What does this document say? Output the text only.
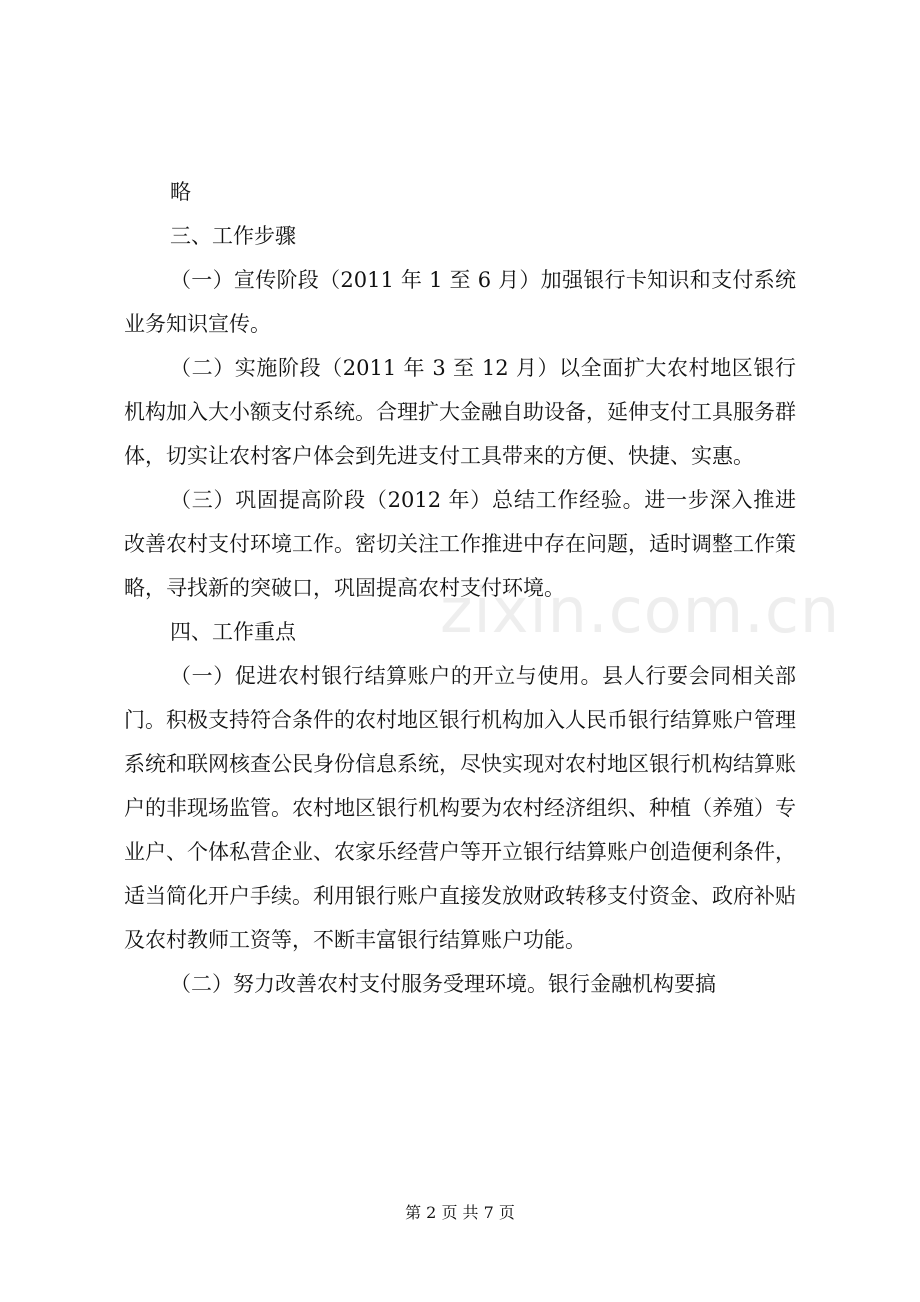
略

三、工作步骤

（一）宣传阶段（2011 年 1 至 6 月）加强银行卡知识和支付系统业务知识宣传。

（二）实施阶段（2011 年 3 至 12 月）以全面扩大农村地区银行机构加入大小额支付系统。合理扩大金融自助设备，延伸支付工具服务群体，切实让农村客户体会到先进支付工具带来的方便、快捷、实惠。

（三）巩固提高阶段（2012 年）总结工作经验。进一步深入推进改善农村支付环境工作。密切关注工作推进中存在问题，适时调整工作策略，寻找新的突破口，巩固提高农村支付环境。

四、工作重点

（一）促进农村银行结算账户的开立与使用。县人行要会同相关部门。积极支持符合条件的农村地区银行机构加入人民币银行结算账户管理系统和联网核查公民身份信息系统，尽快实现对农村地区银行机构结算账户的非现场监管。农村地区银行机构要为农村经济组织、种植（养殖）专业户、个体私营企业、农家乐经营户等开立银行结算账户创造便利条件，适当简化开户手续。利用银行账户直接发放财政转移支付资金、政府补贴及农村教师工资等，不断丰富银行结算账户功能。

（二）努力改善农村支付服务受理环境。银行金融机构要搞

zixin.com.cn
第 2 页 共 7 页
